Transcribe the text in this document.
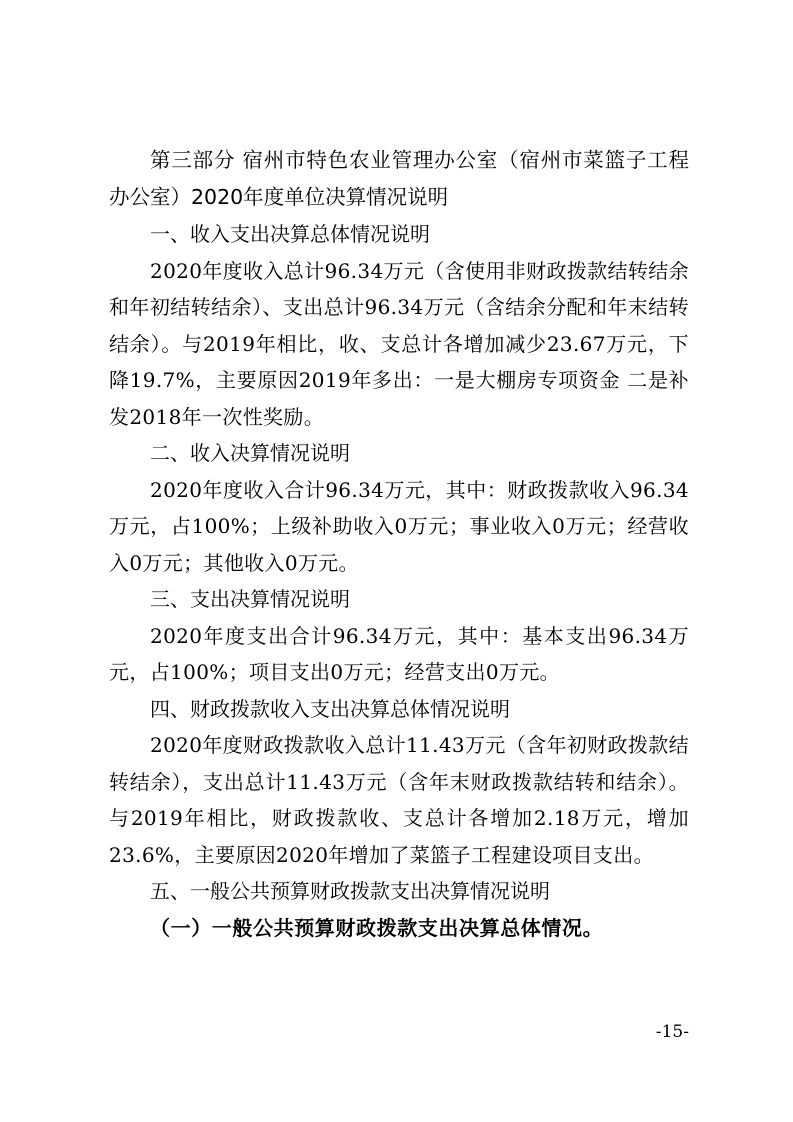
第三部分 宿州市特色农业管理办公室（宿州市菜篮子工程办公室）2020年度单位决算情况说明

一、收入支出决算总体情况说明

2020年度收入总计96.34万元（含使用非财政拨款结转结余和年初结转结余）、支出总计96.34万元（含结余分配和年末结转结余）。与2019年相比，收、支总计各增加减少23.67万元，下降19.7%，主要原因2019年多出：一是大棚房专项资金 二是补发2018年一次性奖励。

二、收入决算情况说明

2020年度收入合计96.34万元，其中：财政拨款收入96.34万元，占100%；上级补助收入0万元；事业收入0万元；经营收入0万元；其他收入0万元。

三、支出决算情况说明

2020年度支出合计96.34万元，其中：基本支出96.34万元，占100%；项目支出0万元；经营支出0万元。

四、财政拨款收入支出决算总体情况说明

2020年度财政拨款收入总计11.43万元（含年初财政拨款结转结余），支出总计11.43万元（含年末财政拨款结转和结余）。与2019年相比，财政拨款收、支总计各增加2.18万元，增加23.6%，主要原因2020年增加了菜篮子工程建设项目支出。

五、一般公共预算财政拨款支出决算情况说明

（一）一般公共预算财政拨款支出决算总体情况。

-15-
